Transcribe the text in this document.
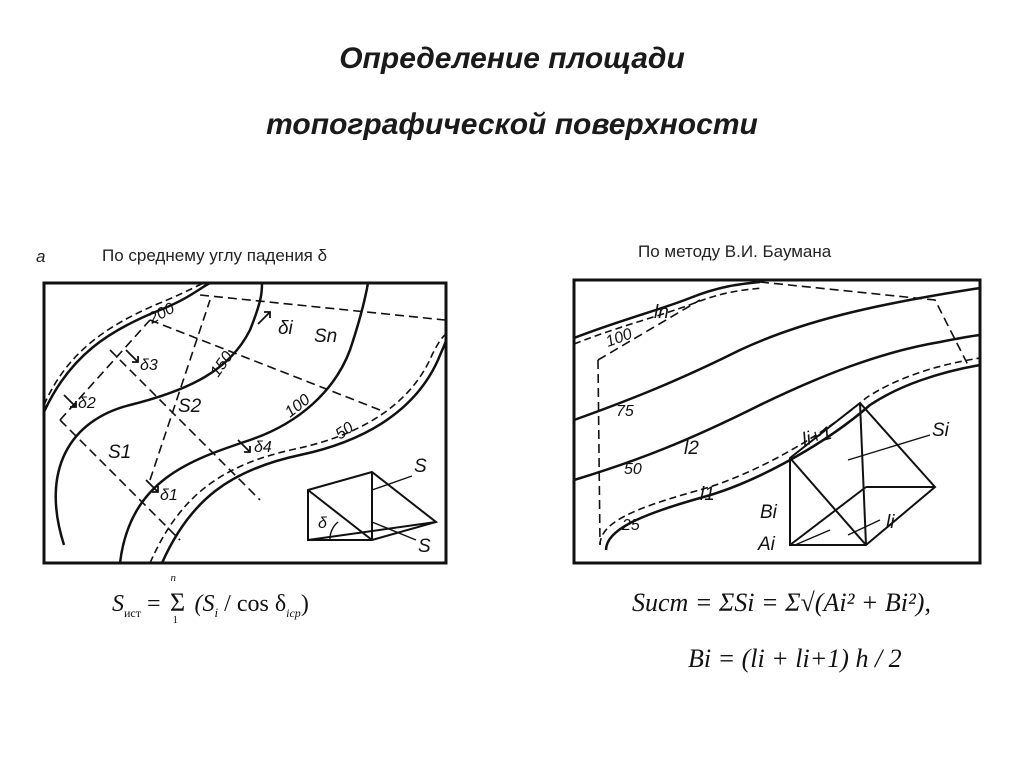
Определение площади
топографической поверхности
a	По среднему углу падения δ	По методу В.И. Баумана
200
150
100
50
S1
S2
Sn
δi
δ1
δ2
δ3
δ4
S
S
δ
100
75
50
25
ln
l2
l1
Si
li+1
li
Bi
Ai
$S_{ист}$ =
n
Σ
1
($S_i$ / $\cos \delta_{icp}$)	Sист = ΣSi = Σ√(Ai² + Bi²),
Bi = (li + li+1) h / 2
